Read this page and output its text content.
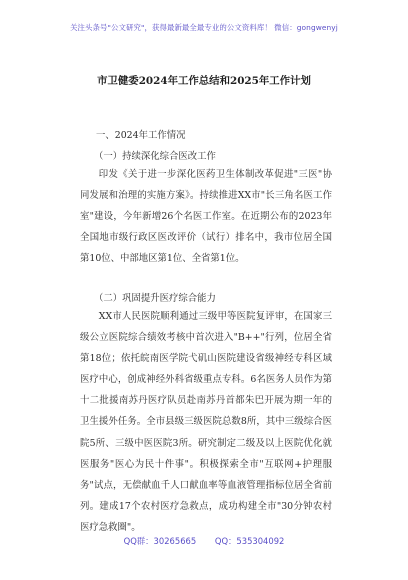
关注头条号"公文研究"，获得最新最全最专业的公文资料库！ 微信：gongwenyj
市卫健委2024年工作总结和2025年工作计划
一、2024年工作情况
（一）持续深化综合医改工作

印发《关于进一步深化医药卫生体制改革促进"三医"协同发展和治理的实施方案》。持续推进XX市"长三角名医工作室"建设，今年新增26个名医工作室。在近期公布的2023年全国地市级行政区医改评价（试行）排名中，我市位居全国第10位、中部地区第1位、全省第1位。

（二）巩固提升医疗综合能力

XX市人民医院顺利通过三级甲等医院复评审，在国家三级公立医院综合绩效考核中首次进入"B++"行列，位居全省第18位；依托皖南医学院弋矶山医院建设省级神经专科区域医疗中心，创成神经外科省级重点专科。6名医务人员作为第十二批援南苏丹医疗队员赴南苏丹首都朱巴开展为期一年的卫生援外任务。全市县级三级医院总数8所，其中三级综合医院5所、三级中医医院3所。研究制定二级及以上医院优化就医服务"医心为民十件事"。积极探索全市"互联网+护理服务"试点，无偿献血千人口献血率等血液管理指标位居全省前列。建成17个农村医疗急救点，成功构建全市"30分钟农村医疗急救圈"。

QQ群：30265665 QQ：535304092
